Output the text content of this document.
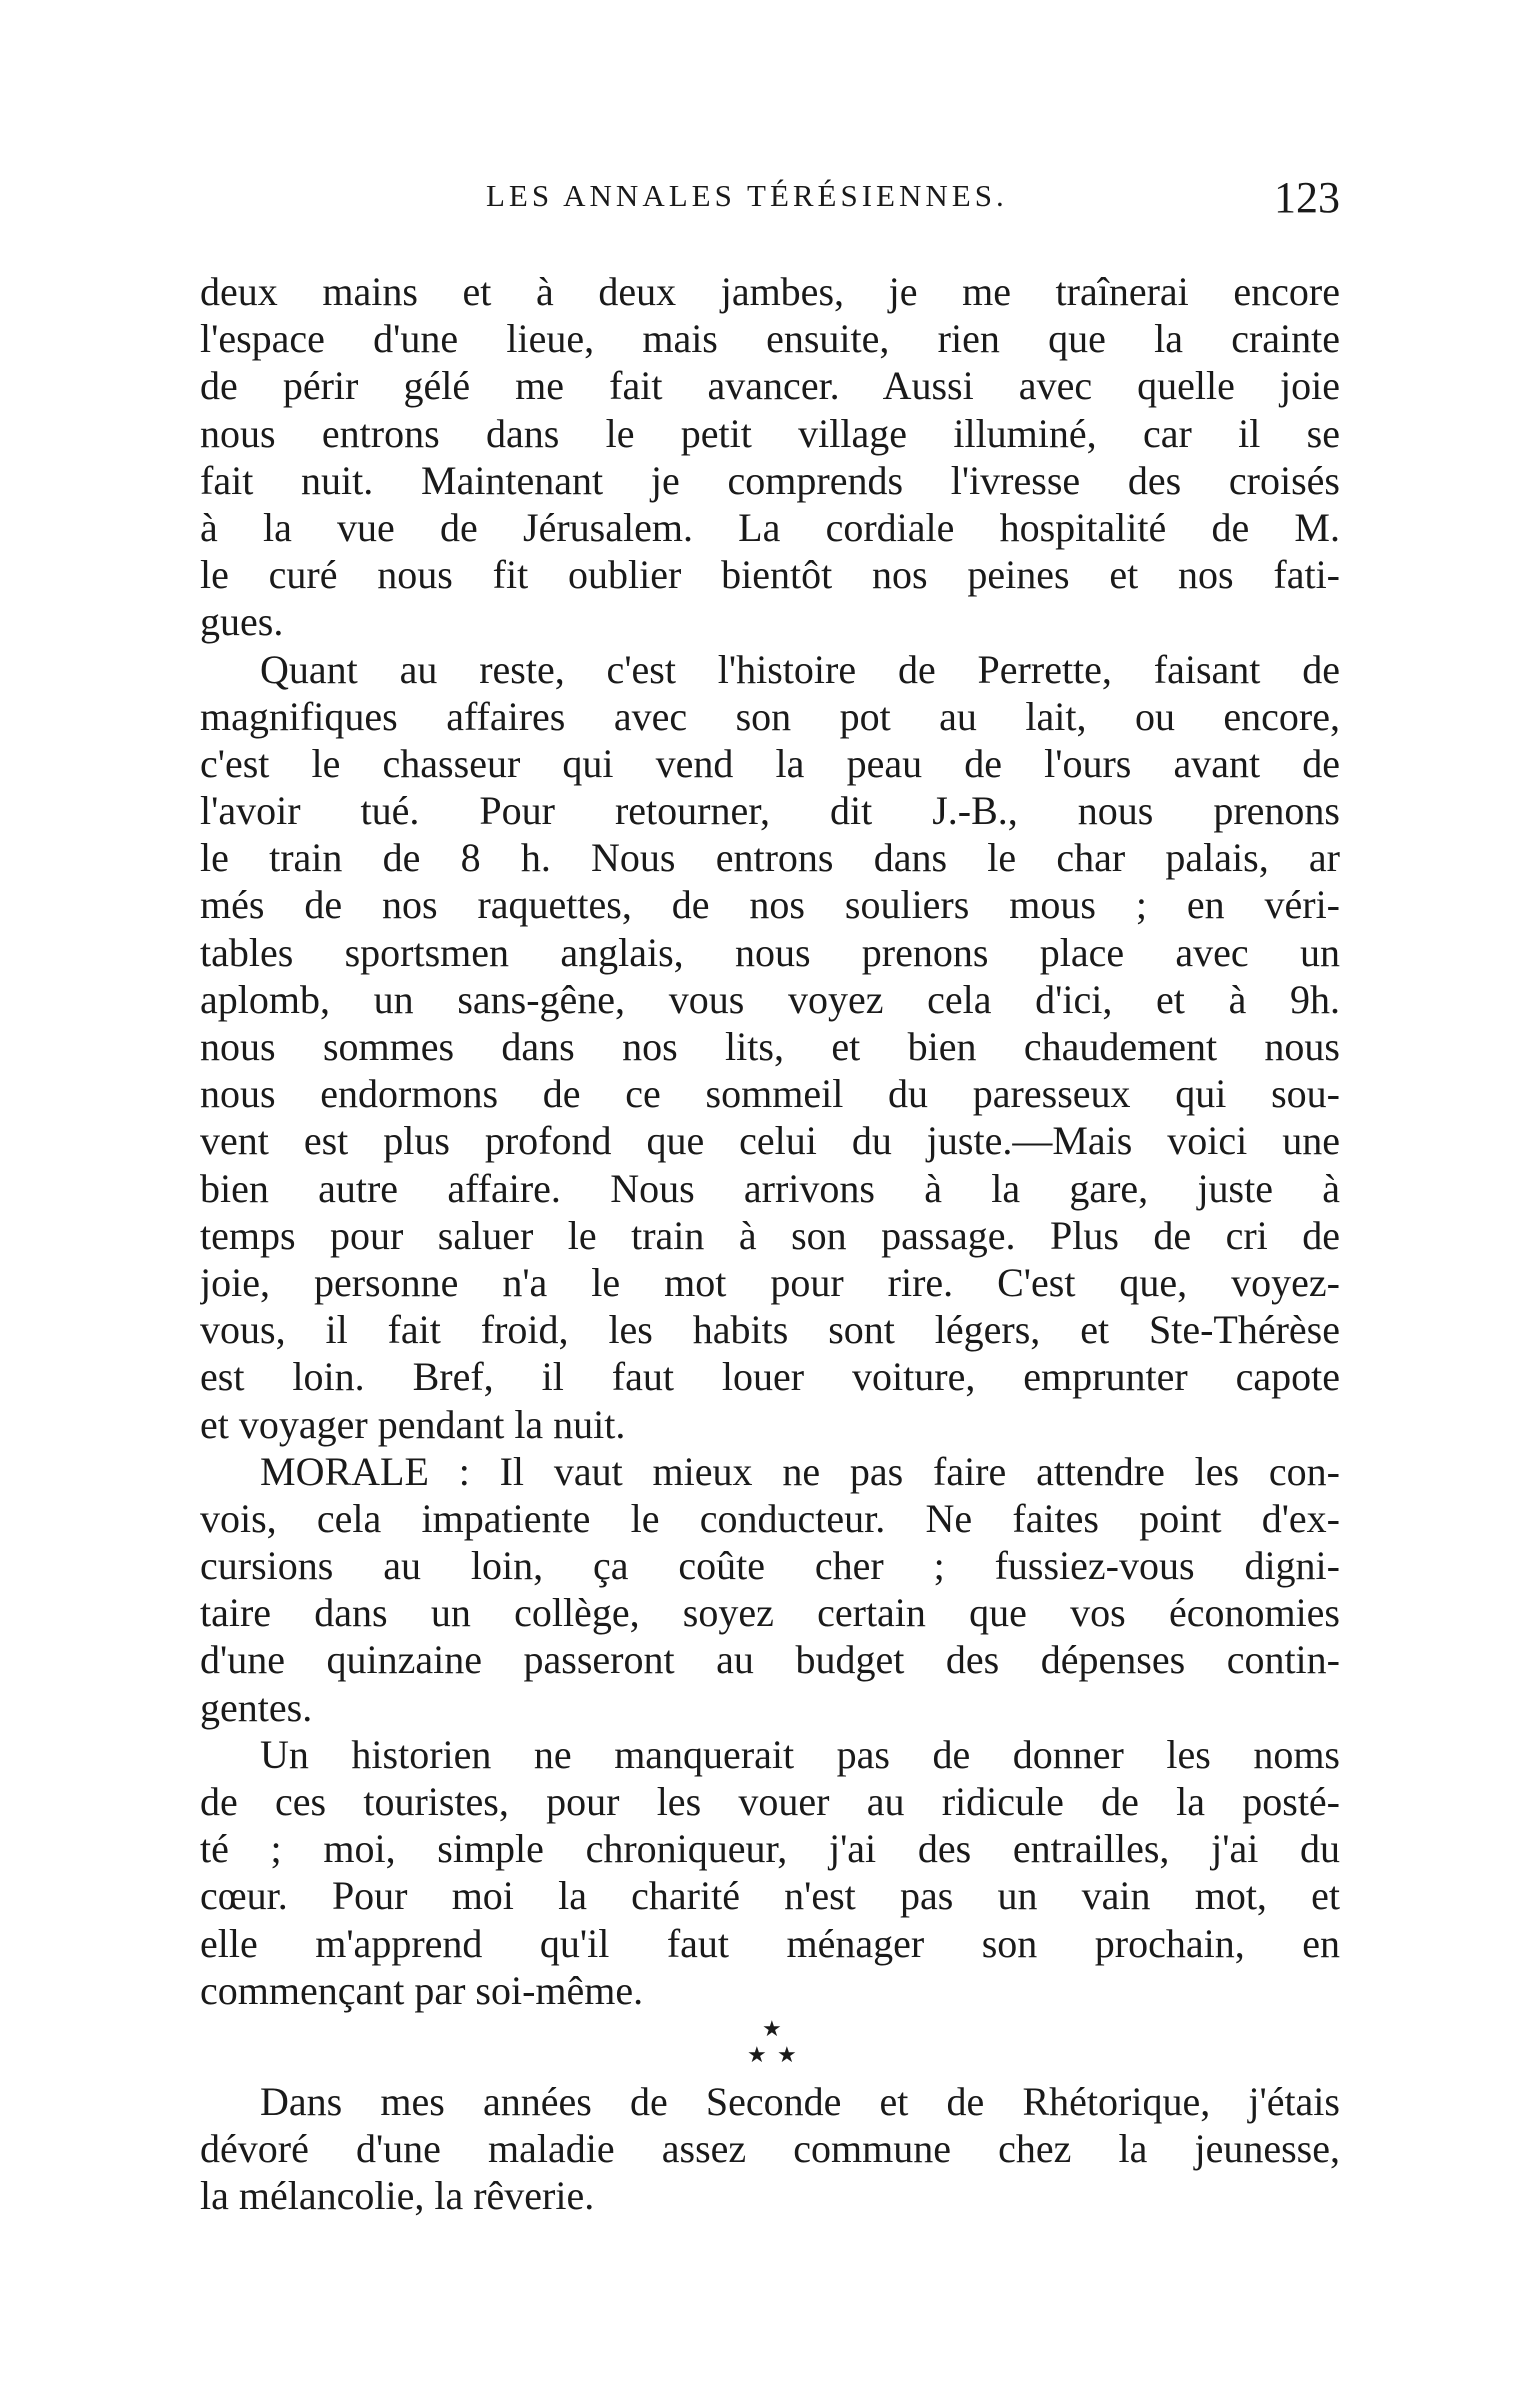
LES ANNALES TÉRÉSIENNES.	123
deux mains et à deux jambes, je me traînerai encore
l'espace d'une lieue, mais ensuite, rien que la crainte
de périr gélé me fait avancer. Aussi avec quelle joie
nous entrons dans le petit village illuminé, car il se
fait nuit. Maintenant je comprends l'ivresse des croisés
à la vue de Jérusalem. La cordiale hospitalité de M.
le curé nous fit oublier bientôt nos peines et nos fati-
gues.
Quant au reste, c'est l'histoire de Perrette, faisant de
magnifiques affaires avec son pot au lait, ou encore,
c'est le chasseur qui vend la peau de l'ours avant de
l'avoir tué. Pour retourner, dit J.-B., nous prenons
le train de 8 h. Nous entrons dans le char palais, ar
més de nos raquettes, de nos souliers mous ; en véri-
tables sportsmen anglais, nous prenons place avec un
aplomb, un sans-gêne, vous voyez cela d'ici, et à 9h.
nous sommes dans nos lits, et bien chaudement nous
nous endormons de ce sommeil du paresseux qui sou-
vent est plus profond que celui du juste.—Mais voici une
bien autre affaire. Nous arrivons à la gare, juste à
temps pour saluer le train à son passage. Plus de cri de
joie, personne n'a le mot pour rire. C'est que, voyez-
vous, il fait froid, les habits sont légers, et Ste-Thérèse
est loin. Bref, il faut louer voiture, emprunter capote
et voyager pendant la nuit.
MORALE : Il vaut mieux ne pas faire attendre les con-
vois, cela impatiente le conducteur. Ne faites point d'ex-
cursions au loin, ça coûte cher ; fussiez-vous digni-
taire dans un collège, soyez certain que vos économies
d'une quinzaine passeront au budget des dépenses contin-
gentes.
Un historien ne manquerait pas de donner les noms
de ces touristes, pour les vouer au ridicule de la posté-
té ; moi, simple chroniqueur, j'ai des entrailles, j'ai du
cœur. Pour moi la charité n'est pas un vain mot, et
elle m'apprend qu'il faut ménager son prochain, en
commençant par soi-même.
★
★ ★
Dans mes années de Seconde et de Rhétorique, j'étais
dévoré d'une maladie assez commune chez la jeunesse,
la mélancolie, la rêverie.
